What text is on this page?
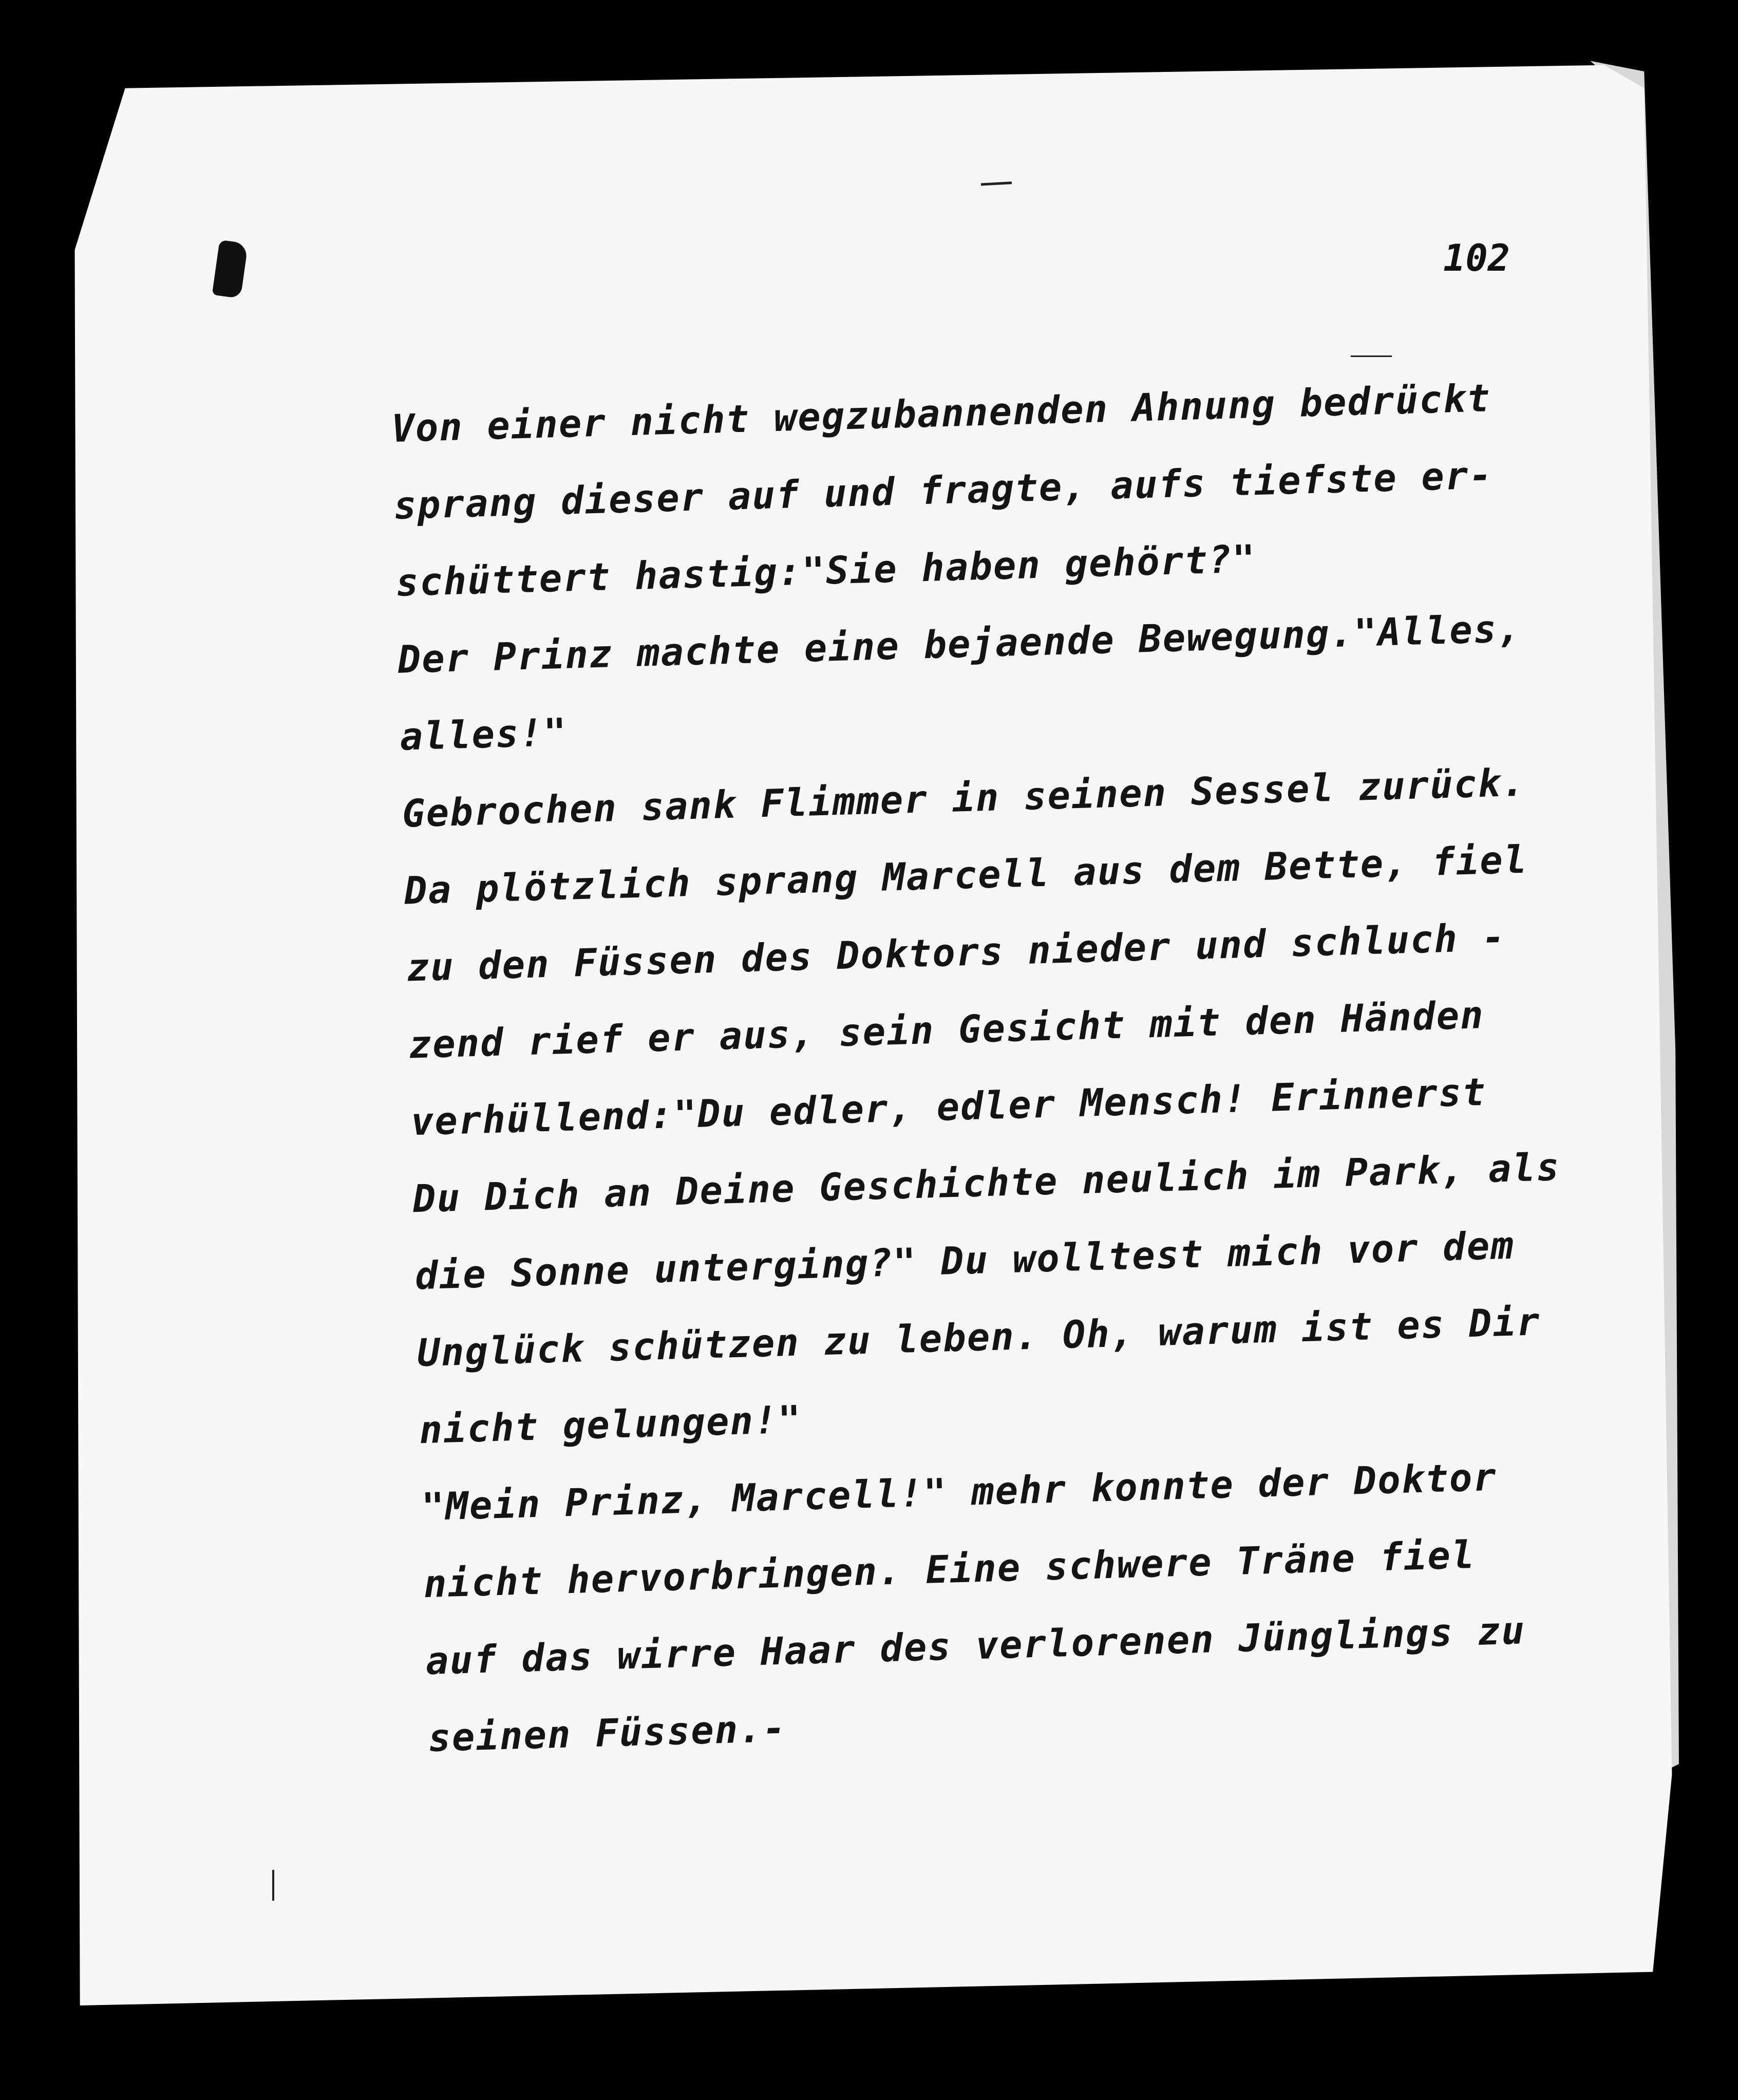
102
Von einer nicht wegzubannenden Ahnung bedrückt
sprang dieser auf und fragte, aufs tiefste er-
schüttert hastig:"Sie haben gehört?"
Der Prinz machte eine bejaende Bewegung."Alles,
alles!"
Gebrochen sank Flimmer in seinen Sessel zurück.
Da plötzlich sprang Marcell aus dem Bette, fiel
zu den Füssen des Doktors nieder und schluch -
zend rief er aus, sein Gesicht mit den Händen
verhüllend:"Du edler, edler Mensch! Erinnerst
Du Dich an Deine Geschichte neulich im Park, als
die Sonne unterging?" Du wolltest mich vor dem
Unglück schützen zu leben. Oh, warum ist es Dir
nicht gelungen!"
"Mein Prinz, Marcell!" mehr konnte der Doktor
nicht hervorbringen. Eine schwere Träne fiel
auf das wirre Haar des verlorenen Jünglings zu
seinen Füssen.-
